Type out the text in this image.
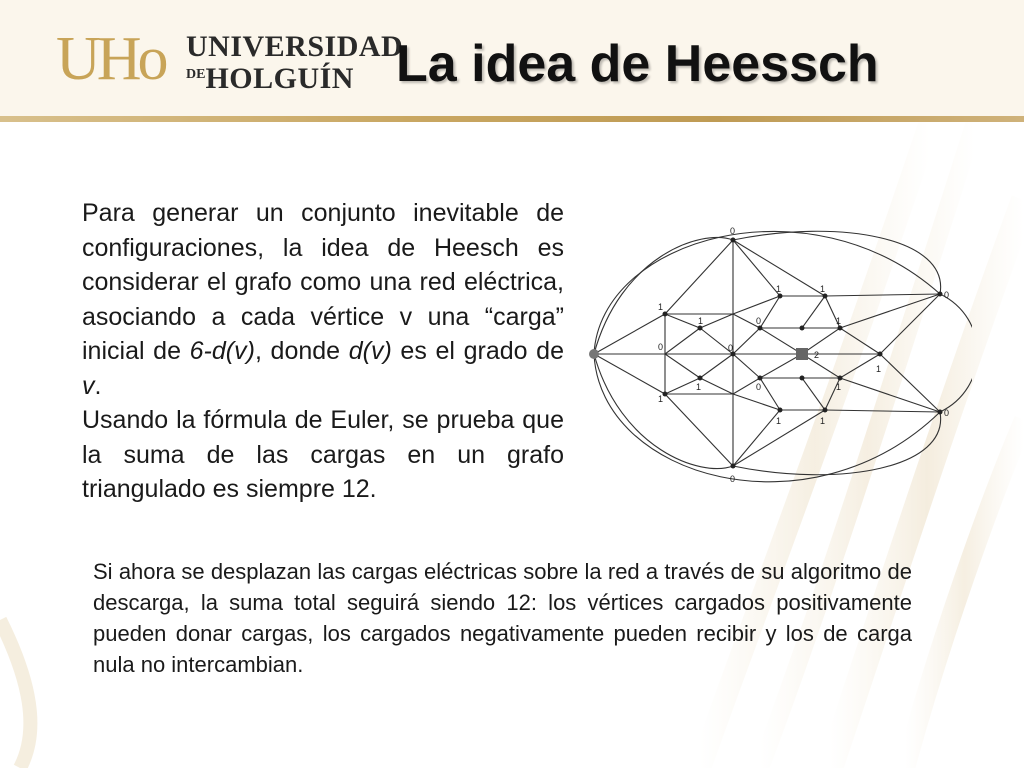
UHo UNIVERSIDAD
$^{DE}$HOLGUÍN La idea de Heessch

Para generar un conjunto inevitable de configuraciones, la idea de Heesch es considerar el grafo como una red eléctrica, asociando a cada vértice v una “carga” inicial de 6-d(v), donde d(v) es el grado de v.

Usando la fórmula de Euler, se prueba que la suma de las cargas en un grafo triangulado es siempre 12.

Si ahora se desplazan las cargas eléctricas sobre la red a través de su algoritmo de descarga, la suma total seguirá siendo 12: los vértices cargados positivamente pueden donar cargas, los cargados negativamente pueden recibir y los de carga nula no intercambian.
0
0
1
0
1
0
0
1	1
1	0	1
0
2
1	0	1
1	1
1
